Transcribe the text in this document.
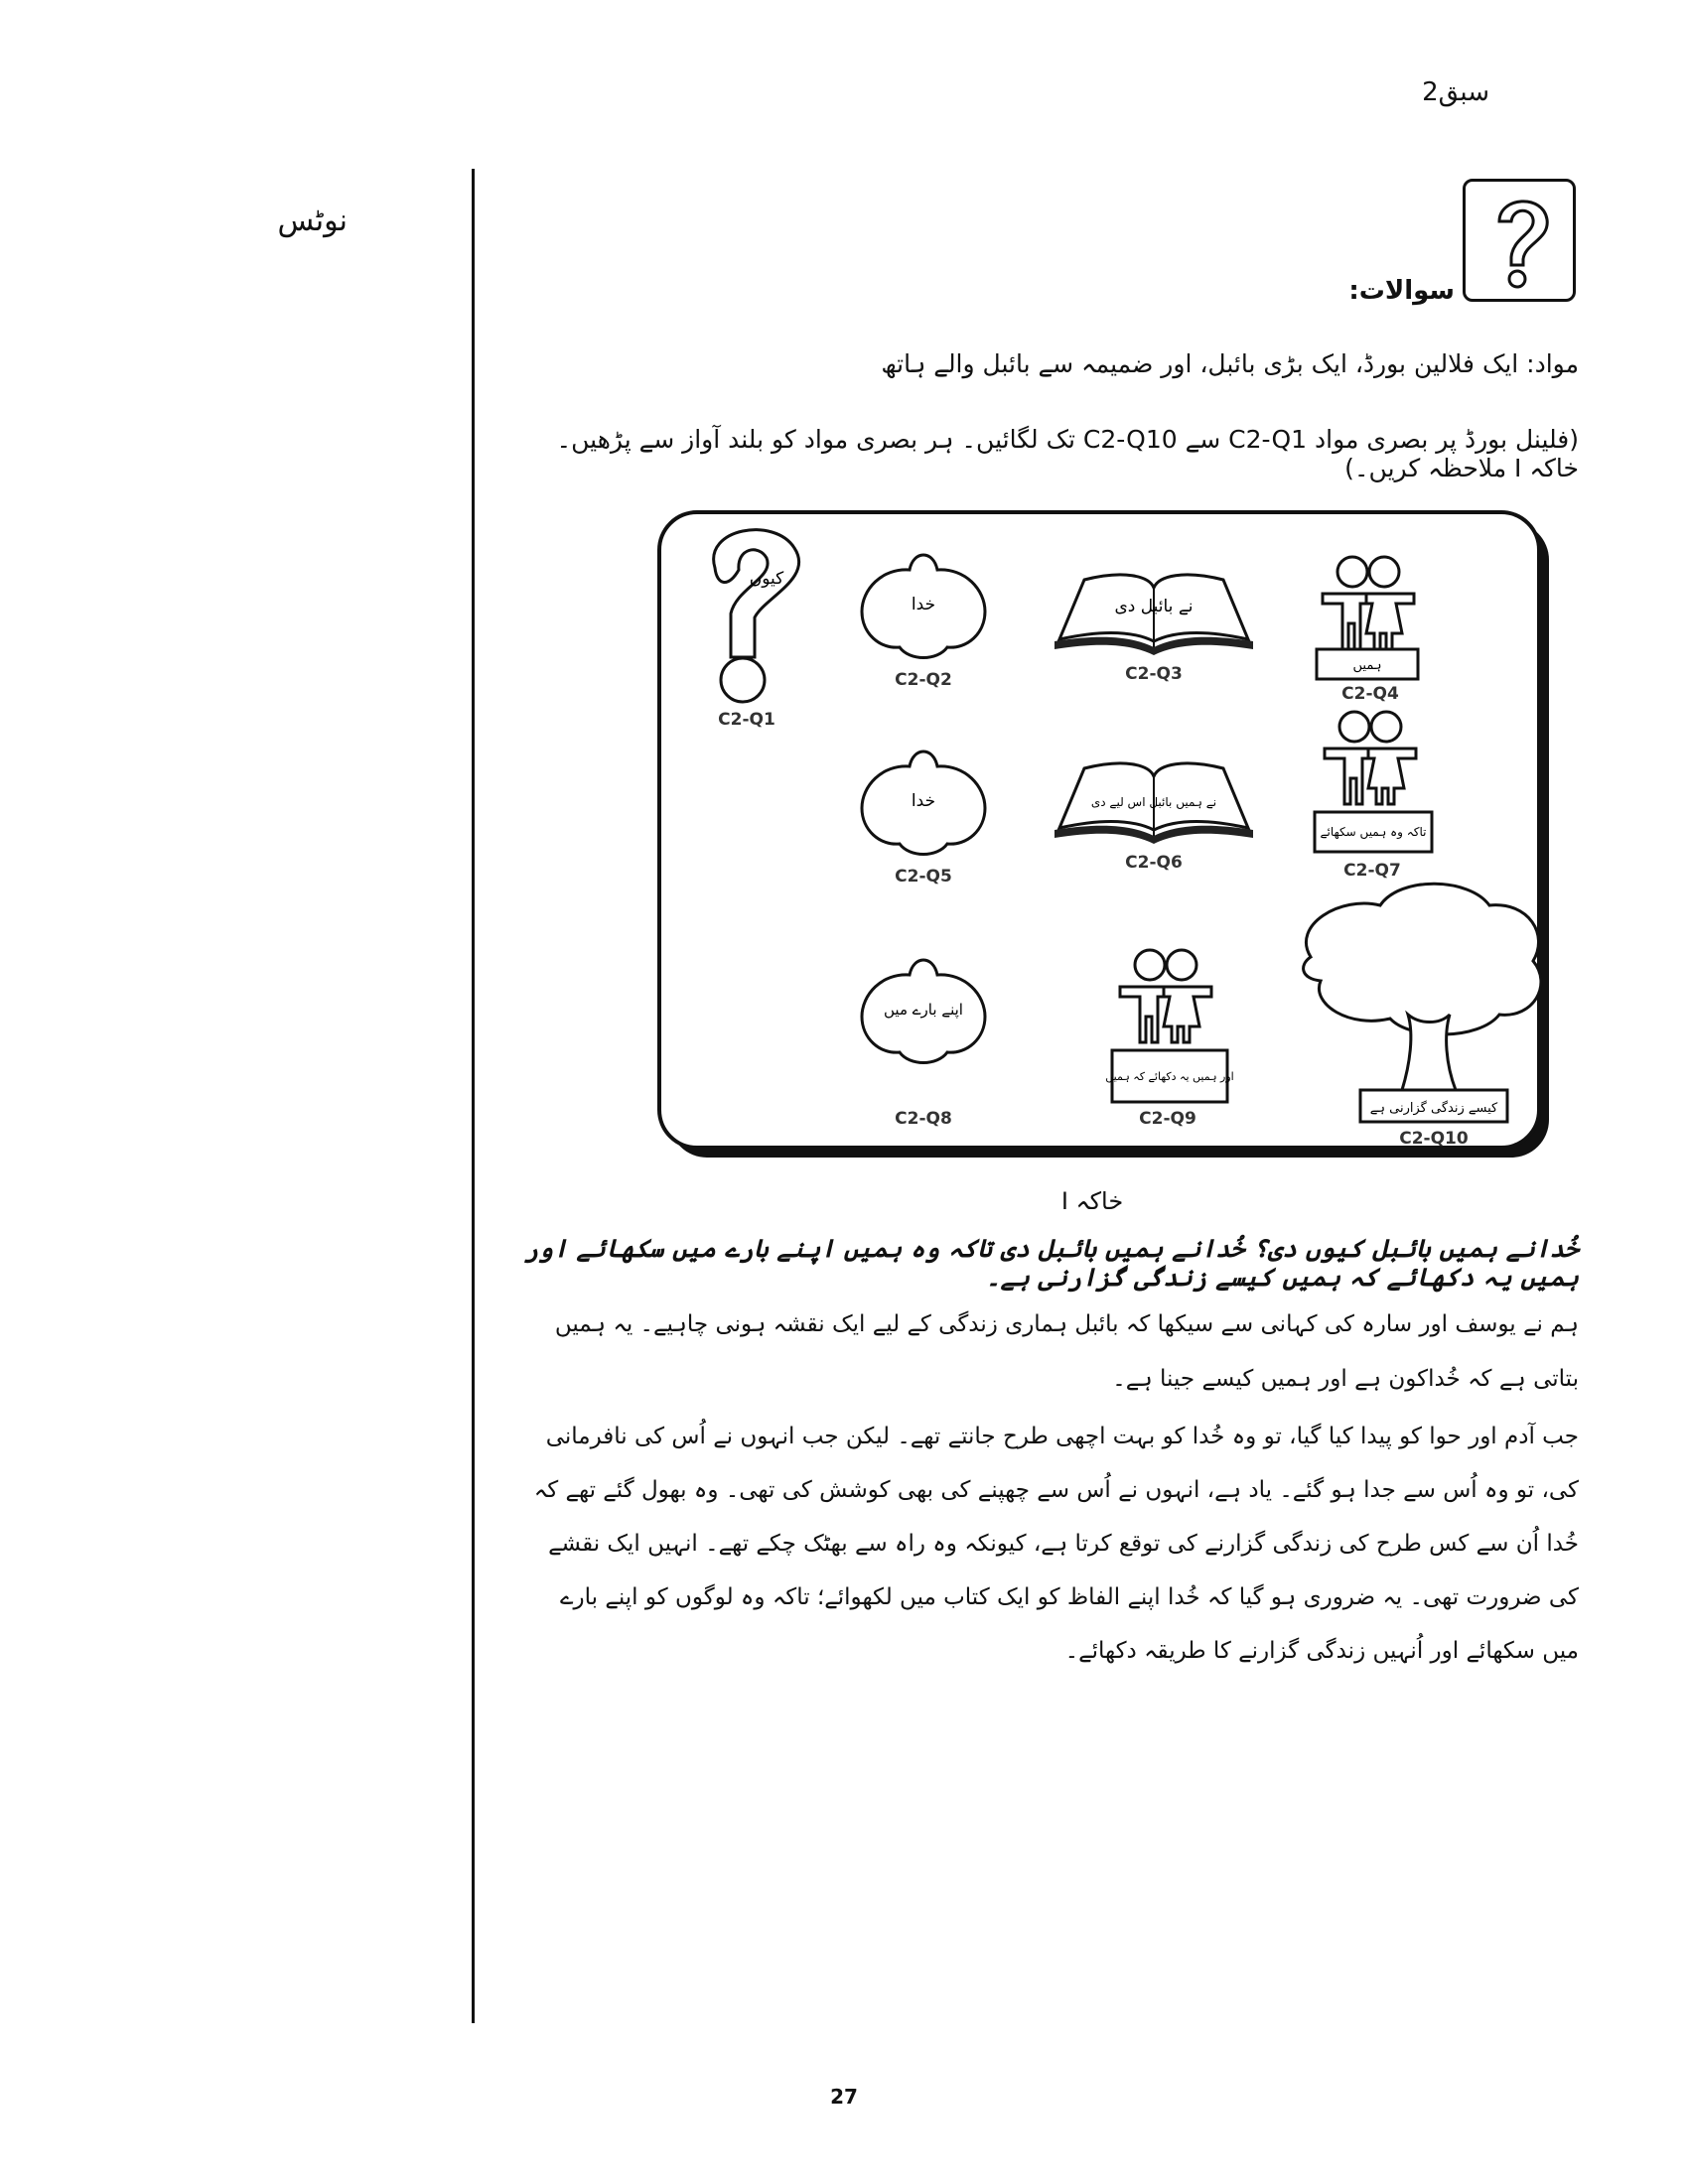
سبق2
نوٹس
سوالات:
مواد: ایک فلالین بورڈ، ایک بڑی بائبل، اور ضمیمہ سے بائبل والے ہاتھ
(فلینل بورڈ پر بصری مواد C2-Q1 سے C2-Q10 تک لگائیں۔ ہر بصری مواد کو بلند آواز سے پڑھیں۔ خاکہ I ملاحظہ کریں۔)
کیوں
C2-Q1
خدا
C2-Q2
نے بائبل دی
C2-Q3	ہمیں
C2-Q4
خدا
C2-Q5
نے ہمیں بائبل اس لیے دی
C2-Q6
تاکہ وہ ہمیں سکھائے
C2-Q7
اپنے بارے میں
C2-Q8
اور ہمیں یہ دکھائے کہ ہمیں
C2-Q9
کیسے زندگی گزارنی ہے
C2-Q10
خاکہ I
خُدانے ہمیں بائبل کیوں دی؟ خُدانے ہمیں بائبل دی تاکہ وہ ہمیں اپنے بارے میں سکھائے اور ہمیں یہ دکھائے کہ ہمیں کیسے زندگی گزارنی ہے۔
ہم نے یوسف اور سارہ کی کہانی سے سیکھا کہ بائبل ہماری زندگی کے لیے ایک نقشہ ہونی چاہیے۔ یہ ہمیں بتاتی ہے کہ خُداکون ہے اور ہمیں کیسے جینا ہے۔
جب آدم اور حوا کو پیدا کیا گیا، تو وہ خُدا کو بہت اچھی طرح جانتے تھے۔ لیکن جب انہوں نے اُس کی نافرمانی کی، تو وہ اُس سے جدا ہو گئے۔ یاد ہے، انہوں نے اُس سے چھپنے کی بھی کوشش کی تھی۔ وہ بھول گئے تھے کہ خُدا اُن سے کس طرح کی زندگی گزارنے کی توقع کرتا ہے، کیونکہ وہ راہ سے بھٹک چکے تھے۔ انہیں ایک نقشے کی ضرورت تھی۔ یہ ضروری ہو گیا کہ خُدا اپنے الفاظ کو ایک کتاب میں لکھوائے؛ تاکہ وہ لوگوں کو اپنے بارے میں سکھائے اور اُنہیں زندگی گزارنے کا طریقہ دکھائے۔
27
